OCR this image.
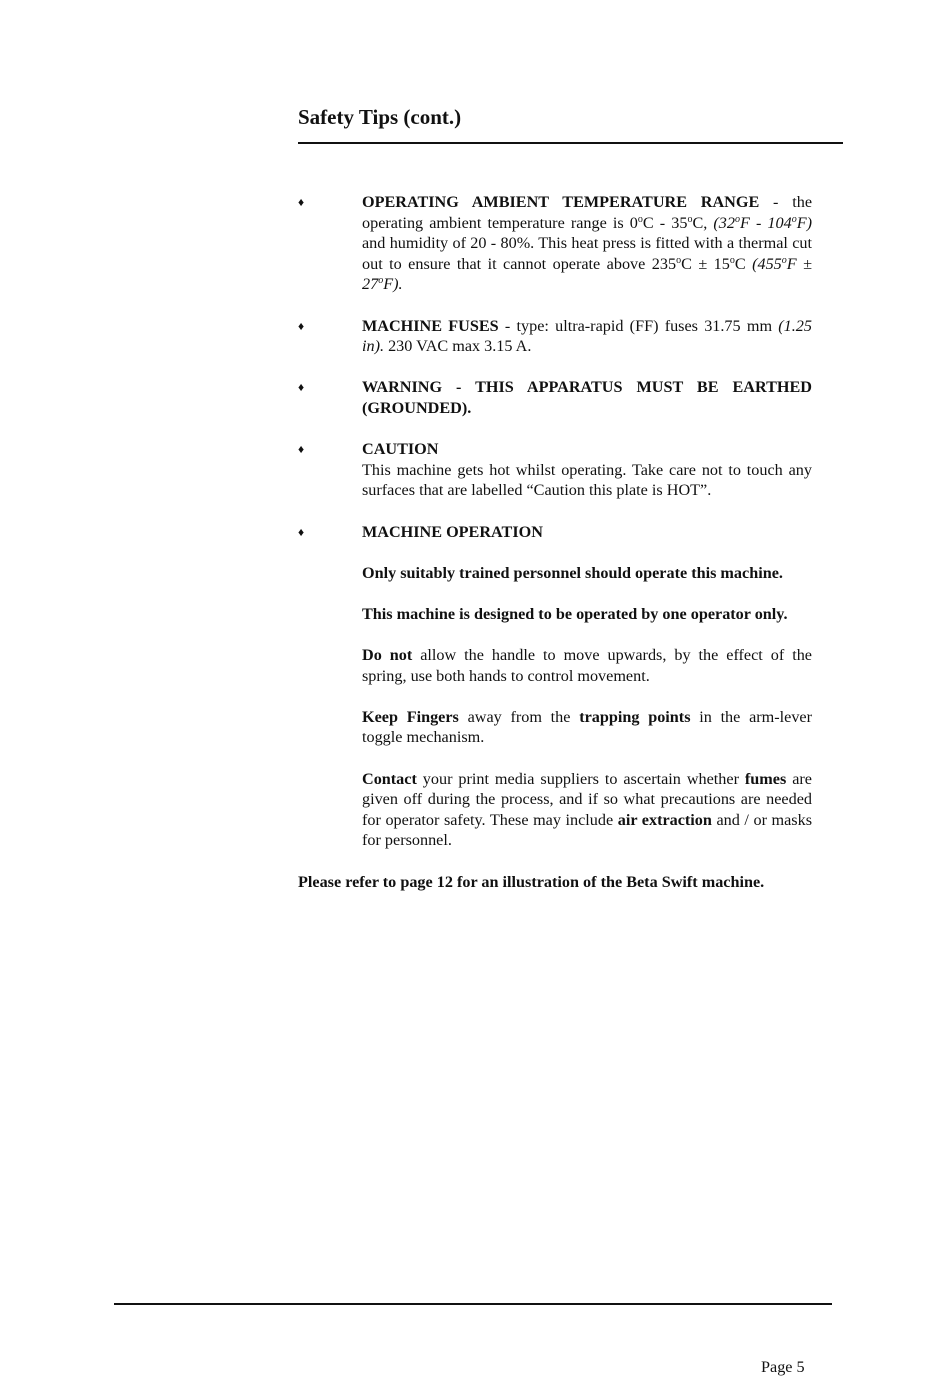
Safety Tips (cont.)
♦	OPERATING AMBIENT TEMPERATURE RANGE - the operating ambient temperature range is 0$^o$C - 35$^o$C, (32$^o$F - 104$^o$F) and humidity of 20 - 80%. This heat press is fitted with a thermal cut out to ensure that it cannot operate above $235^oC \pm 15^oC$ $(455^oF \pm 27^oF)$.
♦	MACHINE FUSES - type: ultra-rapid (FF) fuses 31.75 mm (1.25 in). 230 VAC max 3.15 A.
♦	WARNING - THIS APPARATUS MUST BE EARTHED (GROUNDED).
♦	CAUTION
This machine gets hot whilst operating. Take care not to touch any surfaces that are labelled “Caution this plate is HOT”.
♦	MACHINE OPERATION

Only suitably trained personnel should operate this machine.

This machine is designed to be operated by one operator only.

Do not allow the handle to move upwards, by the effect of the spring, use both hands to control movement.

Keep Fingers away from the trapping points in the arm-lever toggle mechanism.

Contact your print media suppliers to ascertain whether fumes are given off during the process, and if so what precautions are needed for operator safety. These may include air extraction and / or masks for personnel.

Please refer to page 12 for an illustration of the Beta Swift machine.

Page 5
